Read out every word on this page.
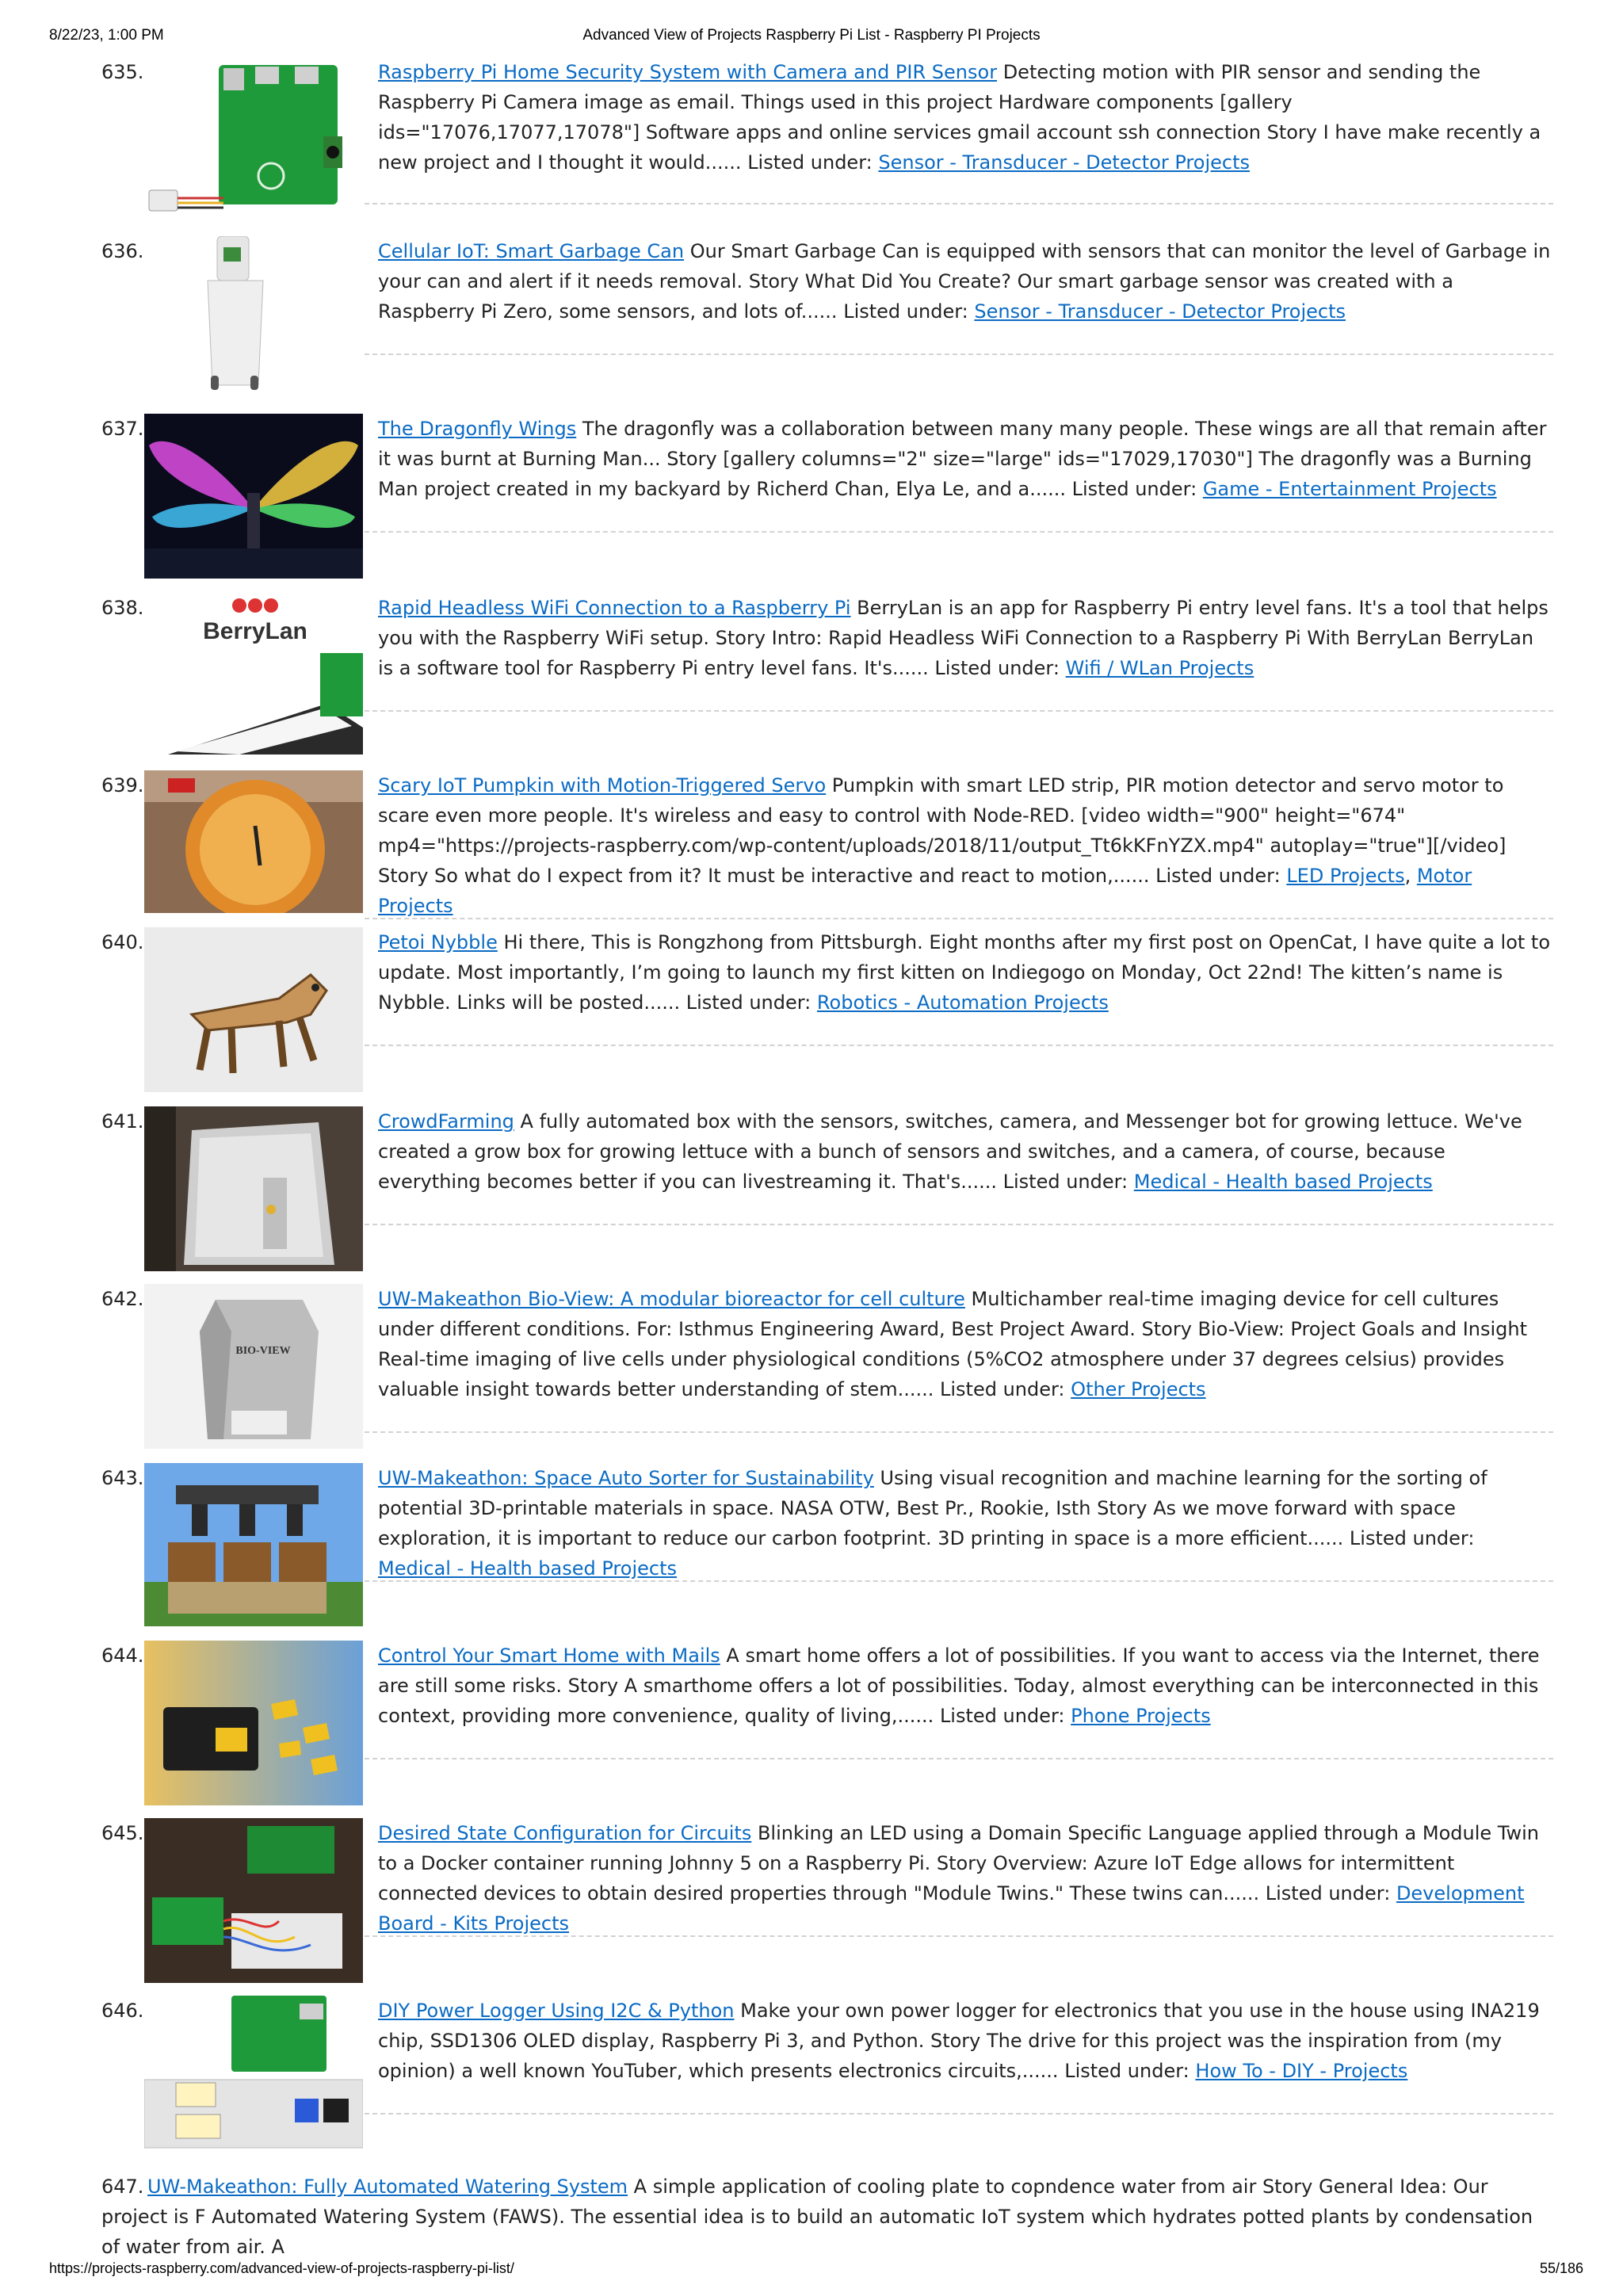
8/22/23, 1:00 PM	Advanced View of Projects Raspberry Pi List - Raspberry PI Projects
635.	Raspberry Pi Home Security System with Camera and PIR Sensor Detecting motion with PIR sensor and sending the Raspberry Pi Camera image as email. Things used in this project Hardware components [gallery ids="17076,17077,17078"] Software apps and online services gmail account ssh connection Story I have make recently a new project and I thought it would...... Listed under: Sensor - Transducer - Detector Projects
636.	Cellular IoT: Smart Garbage Can Our Smart Garbage Can is equipped with sensors that can monitor the level of Garbage in your can and alert if it needs removal. Story What Did You Create? Our smart garbage sensor was created with a Raspberry Pi Zero, some sensors, and lots of...... Listed under: Sensor - Transducer - Detector Projects
637.	The Dragonfly Wings The dragonfly was a collaboration between many many people. These wings are all that remain after it was burnt at Burning Man... Story [gallery columns="2" size="large" ids="17029,17030"] The dragonfly was a Burning Man project created in my backyard by Richerd Chan, Elya Le, and a...... Listed under: Game - Entertainment Projects
638.
BerryLan
Rapid Headless WiFi Connection to a Raspberry Pi BerryLan is an app for Raspberry Pi entry level fans. It's a tool that helps you with the Raspberry WiFi setup. Story Intro: Rapid Headless WiFi Connection to a Raspberry Pi With BerryLan BerryLan is a software tool for Raspberry Pi entry level fans. It's...... Listed under: Wifi / WLan Projects
639.	Scary IoT Pumpkin with Motion-Triggered Servo Pumpkin with smart LED strip, PIR motion detector and servo motor to scare even more people. It's wireless and easy to control with Node-RED. [video width="900" height="674" mp4="https://projects-raspberry.com/wp-content/uploads/2018/11/output_Tt6kKFnYZX.mp4" autoplay="true"][/video] Story So what do I expect from it? It must be interactive and react to motion,...... Listed under: LED Projects, Motor Projects
640.	Petoi Nybble Hi there, This is Rongzhong from Pittsburgh. Eight months after my first post on OpenCat, I have quite a lot to update. Most importantly, I’m going to launch my first kitten on Indiegogo on Monday, Oct 22nd! The kitten’s name is Nybble. Links will be posted...... Listed under: Robotics - Automation Projects
641.	CrowdFarming A fully automated box with the sensors, switches, camera, and Messenger bot for growing lettuce. We've created a grow box for growing lettuce with a bunch of sensors and switches, and a camera, of course, because everything becomes better if you can livestreaming it. That's...... Listed under: Medical - Health based Projects
642.
BIO-VIEW
UW-Makeathon Bio-View: A modular bioreactor for cell culture Multichamber real-time imaging device for cell cultures under different conditions. For: Isthmus Engineering Award, Best Project Award. Story Bio-View: Project Goals and Insight Real-time imaging of live cells under physiological conditions (5%CO2 atmosphere under 37 degrees celsius) provides valuable insight towards better understanding of stem...... Listed under: Other Projects
643.	UW-Makeathon: Space Auto Sorter for Sustainability Using visual recognition and machine learning for the sorting of potential 3D-printable materials in space. NASA OTW, Best Pr., Rookie, Isth Story As we move forward with space exploration, it is important to reduce our carbon footprint. 3D printing in space is a more efficient...... Listed under: Medical - Health based Projects
644.	Control Your Smart Home with Mails A smart home offers a lot of possibilities. If you want to access via the Internet, there are still some risks. Story A smarthome offers a lot of possibilities. Today, almost everything can be interconnected in this context, providing more convenience, quality of living,...... Listed under: Phone Projects
645.	Desired State Configuration for Circuits Blinking an LED using a Domain Specific Language applied through a Module Twin to a Docker container running Johnny 5 on a Raspberry Pi. Story Overview: Azure IoT Edge allows for intermittent connected devices to obtain desired properties through "Module Twins." These twins can...... Listed under: Development Board - Kits Projects
646.	DIY Power Logger Using I2C & Python Make your own power logger for electronics that you use in the house using INA219 chip, SSD1306 OLED display, Raspberry Pi 3, and Python. Story The drive for this project was the inspiration from (my opinion) a well known YouTuber, which presents electronics circuits,...... Listed under: How To - DIY - Projects
647. UW-Makeathon: Fully Automated Watering System A simple application of cooling plate to copndence water from air Story General Idea: Our project is F Automated Watering System (FAWS). The essential idea is to build an automatic IoT system which hydrates potted plants by condensation of water from air. A
https://projects-raspberry.com/advanced-view-of-projects-raspberry-pi-list/	55/186
